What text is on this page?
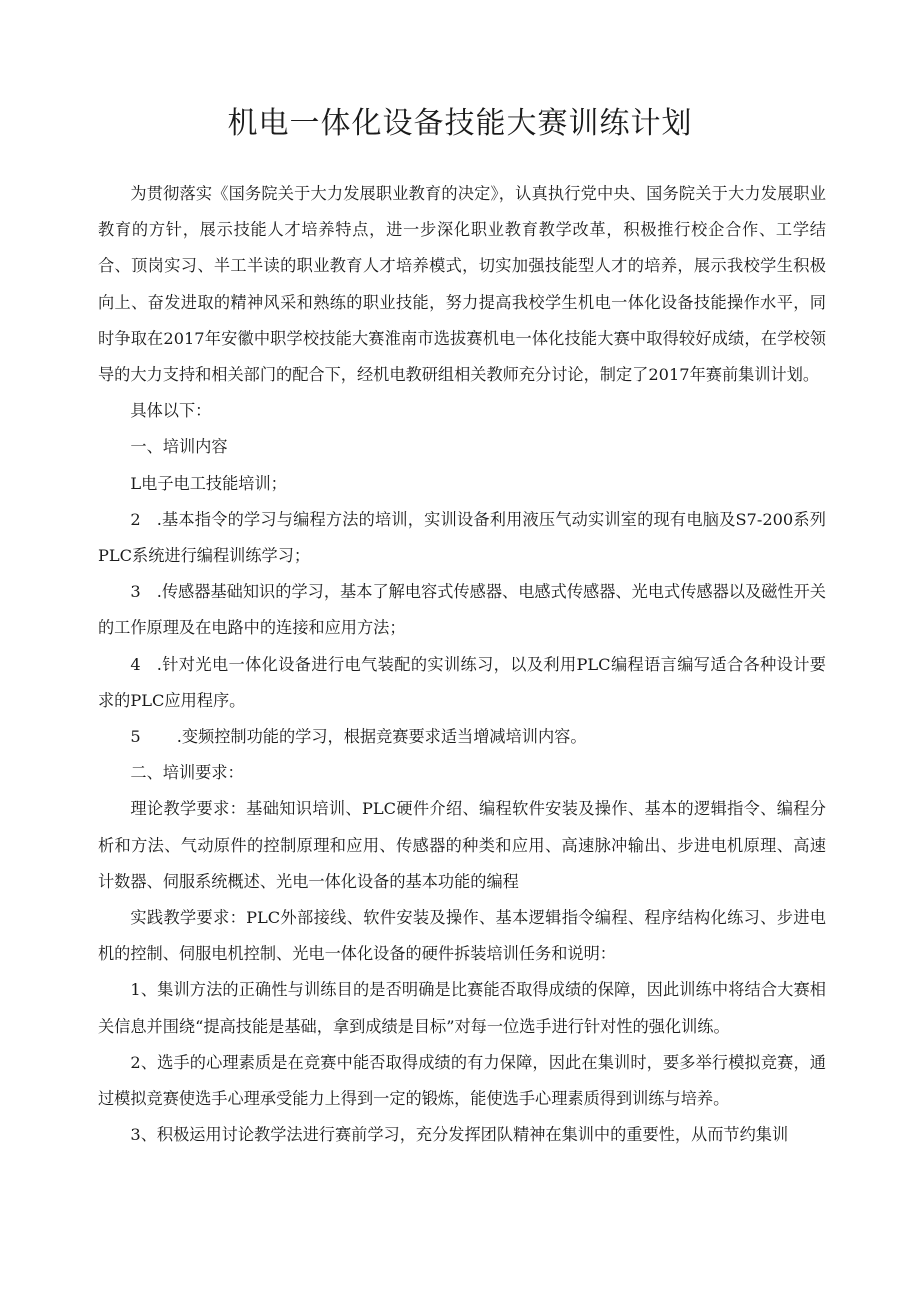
机电一体化设备技能大赛训练计划

为贯彻落实《国务院关于大力发展职业教育的决定》，认真执行党中央、国务院关于大力发展职业教育的方针，展示技能人才培养特点，进一步深化职业教育教学改革，积极推行校企合作、工学结合、顶岗实习、半工半读的职业教育人才培养模式，切实加强技能型人才的培养，展示我校学生积极向上、奋发进取的精神风采和熟练的职业技能，努力提高我校学生机电一体化设备技能操作水平，同时争取在2017年安徽中职学校技能大赛淮南市选拔赛机电一体化技能大赛中取得较好成绩，在学校领导的大力支持和相关部门的配合下，经机电教研组相关教师充分讨论，制定了2017年赛前集训计划。

具体以下：

一、培训内容

L电子电工技能培训；

2 .基本指令的学习与编程方法的培训，实训设备利用液压气动实训室的现有电脑及S7-200系列PLC系统进行编程训练学习；

3 .传感器基础知识的学习，基本了解电容式传感器、电感式传感器、光电式传感器以及磁性开关的工作原理及在电路中的连接和应用方法；

4 .针对光电一体化设备进行电气装配的实训练习，以及利用PLC编程语言编写适合各种设计要求的PLC应用程序。

5 .变频控制功能的学习，根据竞赛要求适当增减培训内容。

二、培训要求：

理论教学要求：基础知识培训、PLC硬件介绍、编程软件安装及操作、基本的逻辑指令、编程分析和方法、气动原件的控制原理和应用、传感器的种类和应用、高速脉冲输出、步进电机原理、高速计数器、伺服系统概述、光电一体化设备的基本功能的编程

实践教学要求：PLC外部接线、软件安装及操作、基本逻辑指令编程、程序结构化练习、步进电机的控制、伺服电机控制、光电一体化设备的硬件拆装培训任务和说明：

1、集训方法的正确性与训练目的是否明确是比赛能否取得成绩的保障，因此训练中将结合大赛相关信息并围绕“提高技能是基础，拿到成绩是目标”对每一位选手进行针对性的强化训练。

2、选手的心理素质是在竞赛中能否取得成绩的有力保障，因此在集训时，要多举行模拟竞赛，通过模拟竞赛使选手心理承受能力上得到一定的锻炼，能使选手心理素质得到训练与培养。

3、积极运用讨论教学法进行赛前学习，充分发挥团队精神在集训中的重要性，从而节约集训
